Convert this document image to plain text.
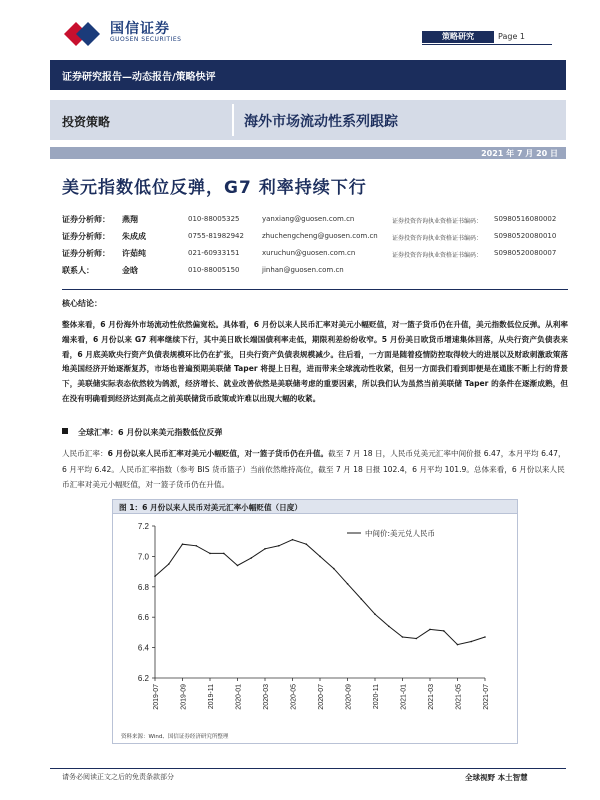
国信证券
GUOSEN SECURITIES	策略研究	Page 1
证券研究报告—动态报告/策略快评
投资策略	海外市场流动性系列跟踪
2021 年 7 月 20 日
美元指数低位反弹，G7 利率持续下行
证券分析师： 燕翔	010-88005325	yanxiang@guosen.com.cn	证券投资咨询执业资格证书编码： S0980516080002
证券分析师： 朱成成	0755-81982942	zhuchengcheng@guosen.com.cn 证券投资咨询执业资格证书编码： S0980520080010
证券分析师： 许茹纯	021-60933151	xuruchun@guosen.com.cn	证券投资咨询执业资格证书编码： S0980520080007
联系人：	金晗	010-88005150	jinhan@guosen.com.cn
核心结论：
整体来看，6 月份海外市场流动性依然偏宽松。具体看，6 月份以来人民币汇率对美元小幅贬值，对一篮子货币仍在升值，美元指数低位反弹。从利率端来看，6 月份以来 G7 利率继续下行，其中美日欧长端国债利率走低，期限利差纷纷收窄。5 月份美日欧货币增速集体回落，从央行资产负债表来看，6 月底美欧央行资产负债表规模环比仍在扩张，日央行资产负债表规模减少。往后看，一方面是随着疫情防控取得较大的进展以及财政刺激政策落地美国经济开始逐渐复苏，市场也普遍预期美联储 Taper 将提上日程，进而带来全球流动性收紧，但另一方面我们看到即便是在通胀不断上行的背景下，美联储实际表态依然较为鸽派，经济增长、就业改善依然是美联储考虑的重要因素，所以我们认为虽然当前美联储 Taper 的条件在逐渐成熟，但在没有明确看到经济达到高点之前美联储货币政策或许难以出现大幅的收紧。
全球汇率：6 月份以来美元指数低位反弹
人民币汇率：6 月份以来人民币汇率对美元小幅贬值，对一篮子货币仍在升值。截至 7 月 18 日，人民币兑美元汇率中间价报 6.47，本月平均 6.47，6 月平均 6.42。人民币汇率指数（参考 BIS 货币篮子）当前依然维持高位，截至 7 月 18 日报 102.4，6 月平均 101.9。总体来看，6 月份以来人民币汇率对美元小幅贬值，对一篮子货币仍在升值。
图 1：6 月份以来人民币对美元汇率小幅贬值（日度）
6.2
6.4
6.6
6.8
7.0
7.2
2019-07	2019-09	2019-11	2020-01	2020-03	2020-05	2020-07	2020-09	2020-11	2021-01	2021-03	2021-05	2021-07
中间价:美元兑人民币
资料来源：Wind、国信证券经济研究所整理
请务必阅读正文之后的免责条款部分	全球视野 本土智慧
